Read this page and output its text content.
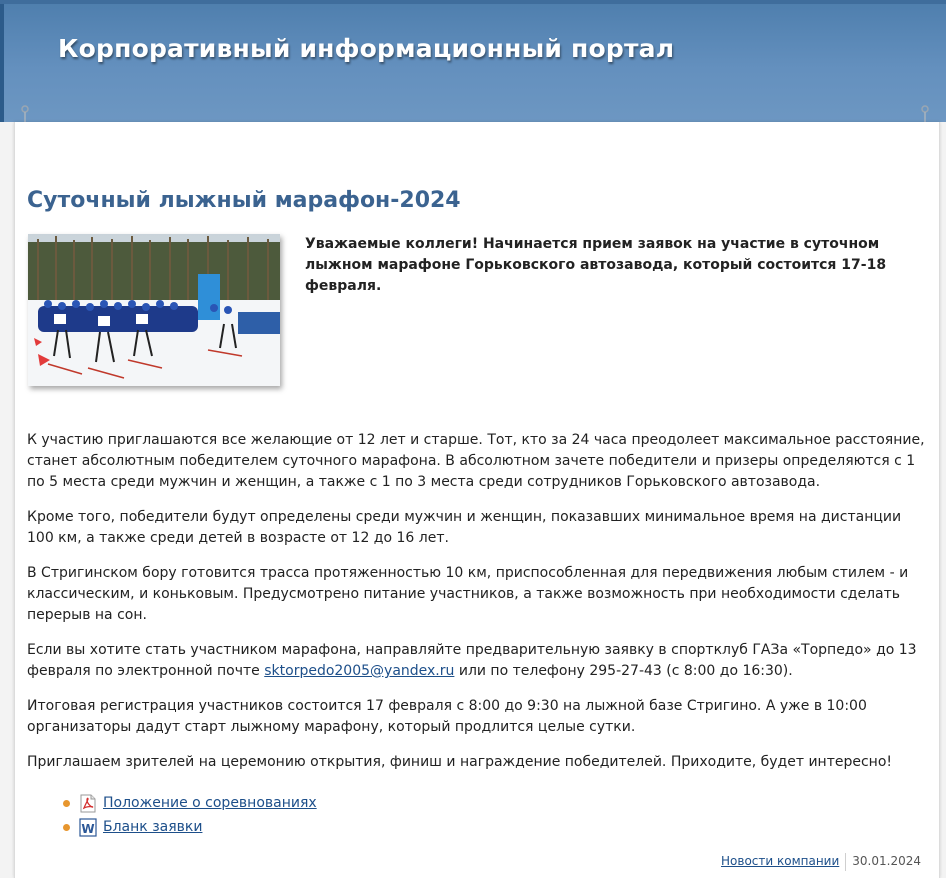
Корпоративный информационный портал
Суточный лыжный марафон-2024

Уважаемые коллеги! Начинается прием заявок на участие в суточном лыжном марафоне Горьковского автозавода, который состоится 17-18 февраля.

К участию приглашаются все желающие от 12 лет и старше. Тот, кто за 24 часа преодолеет максимальное расстояние, станет абсолютным победителем суточного марафона. В абсолютном зачете победители и призеры определяются с 1 по 5 места среди мужчин и женщин, а также с 1 по 3 места среди сотрудников Горьковского автозавода.

Кроме того, победители будут определены среди мужчин и женщин, показавших минимальное время на дистанции 100 км, а также среди детей в возрасте от 12 до 16 лет.

В Стригинском бору готовится трасса протяженностью 10 км, приспособленная для передвижения любым стилем - и классическим, и коньковым. Предусмотрено питание участников, а также возможность при необходимости сделать перерыв на сон.

Если вы хотите стать участником марафона, направляйте предварительную заявку в спортклуб ГАЗа «Торпедо» до 13 февраля по электронной почте sktorpedo2005@yandex.ru или по телефону 295-27-43 (с 8:00 до 16:30).

Итоговая регистрация участников состоится 17 февраля с 8:00 до 9:30 на лыжной базе Стригино. А уже в 10:00 организаторы дадут старт лыжному марафону, который продлится целые сутки.

Приглашаем зрителей на церемонию открытия, финиш и награждение победителей. Приходите, будет интересно!

Положение о соревнованиях
W Бланк заявки
Новости компании 30.01.2024
